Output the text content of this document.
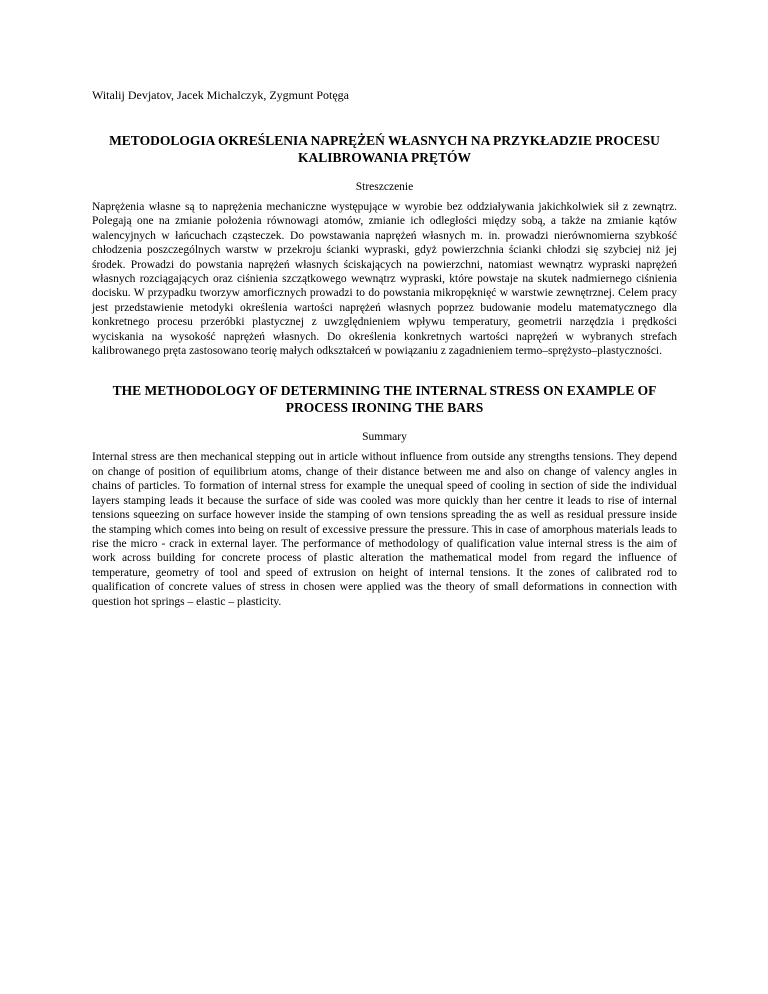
Witalij Devjatov, Jacek Michalczyk, Zygmunt Potęga

METODOLOGIA OKREŚLENIA NAPRĘŻEŃ WŁASNYCH NA PRZYKŁADZIE PROCESU
KALIBROWANIA PRĘTÓW

Streszczenie

Naprężenia własne są to naprężenia mechaniczne występujące w wyrobie bez oddziaływania jakichkolwiek sił z zewnątrz. Polegają one na zmianie położenia równowagi atomów, zmianie ich odległości między sobą, a także na zmianie kątów walencyjnych w łańcuchach cząsteczek. Do powstawania naprężeń własnych m. in. prowadzi nierównomierna szybkość chłodzenia poszczególnych warstw w przekroju ścianki wypraski, gdyż powierzchnia ścianki chłodzi się szybciej niż jej środek. Prowadzi do powstania naprężeń własnych ściskających na powierzchni, natomiast wewnątrz wypraski naprężeń własnych rozciągających oraz ciśnienia szczątkowego wewnątrz wypraski, które powstaje na skutek nadmiernego ciśnienia docisku. W przypadku tworzyw amorficznych prowadzi to do powstania mikropęknięć w warstwie zewnętrznej. Celem pracy jest przedstawienie metodyki określenia wartości naprężeń własnych poprzez budowanie modelu matematycznego dla konkretnego procesu przeróbki plastycznej z uwzględnieniem wpływu temperatury, geometrii narzędzia i prędkości wyciskania na wysokość naprężeń własnych. Do określenia konkretnych wartości naprężeń w wybranych strefach kalibrowanego pręta zastosowano teorię małych odkształceń w powiązaniu z zagadnieniem termo–sprężysto–plastyczności.

THE METHODOLOGY OF DETERMINING THE INTERNAL STRESS ON EXAMPLE OF
PROCESS IRONING THE BARS

Summary

Internal stress are then mechanical stepping out in article without influence from outside any strengths tensions. They depend on change of position of equilibrium atoms, change of their distance between me and also on change of valency angles in chains of particles. To formation of internal stress for example the unequal speed of cooling in section of side the individual layers stamping leads it because the surface of side was cooled was more quickly than her centre it leads to rise of internal tensions squeezing on surface however inside the stamping of own tensions spreading the as well as residual pressure inside the stamping which comes into being on result of excessive pressure the pressure. This in case of amorphous materials leads to rise the micro - crack in external layer. The performance of methodology of qualification value internal stress is the aim of work across building for concrete process of plastic alteration the mathematical model from regard the influence of temperature, geometry of tool and speed of extrusion on height of internal tensions. It the zones of calibrated rod to qualification of concrete values of stress in chosen were applied was the theory of small deformations in connection with question hot springs – elastic – plasticity.
